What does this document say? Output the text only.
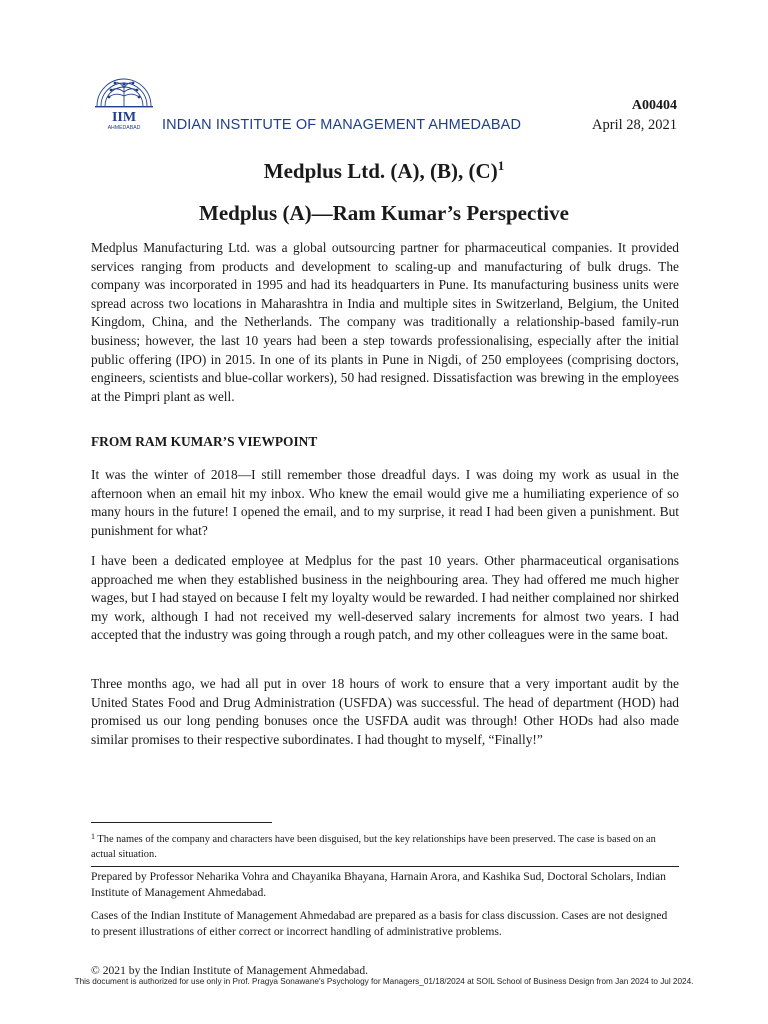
IIM
AHMEDABAD INDIAN INSTITUTE OF MANAGEMENT AHMEDABAD
A00404
April 28, 2021
Medplus Ltd. (A), (B), $(C)^1$
Medplus (A)—Ram Kumar’s Perspective

Medplus Manufacturing Ltd. was a global outsourcing partner for pharmaceutical companies. It provided services ranging from products and development to scaling-up and manufacturing of bulk drugs. The company was incorporated in 1995 and had its headquarters in Pune. Its manufacturing business units were spread across two locations in Maharashtra in India and multiple sites in Switzerland, Belgium, the United Kingdom, China, and the Netherlands. The company was traditionally a relationship-based family-run business; however, the last 10 years had been a step towards professionalising, especially after the initial public offering (IPO) in 2015. In one of its plants in Pune in Nigdi, of 250 employees (comprising doctors, engineers, scientists and blue-collar workers), 50 had resigned. Dissatisfaction was brewing in the employees at the Pimpri plant as well.

FROM RAM KUMAR’S VIEWPOINT

It was the winter of 2018—I still remember those dreadful days. I was doing my work as usual in the afternoon when an email hit my inbox. Who knew the email would give me a humiliating experience of so many hours in the future! I opened the email, and to my surprise, it read I had been given a punishment. But punishment for what?

I have been a dedicated employee at Medplus for the past 10 years. Other pharmaceutical organisations approached me when they established business in the neighbouring area. They had offered me much higher wages, but I had stayed on because I felt my loyalty would be rewarded. I had neither complained nor shirked my work, although I had not received my well-deserved salary increments for almost two years. I had accepted that the industry was going through a rough patch, and my other colleagues were in the same boat.

Three months ago, we had all put in over 18 hours of work to ensure that a very important audit by the United States Food and Drug Administration (USFDA) was successful. The head of department (HOD) had promised us our long pending bonuses once the USFDA audit was through! Other HODs had also made similar promises to their respective subordinates. I had thought to myself, “Finally!”

$^1$ The names of the company and characters have been disguised, but the key relationships have been preserved. The case is based on an actual situation.
Prepared by Professor Neharika Vohra and Chayanika Bhayana, Harnain Arora, and Kashika Sud, Doctoral Scholars, Indian Institute of Management Ahmedabad.
Cases of the Indian Institute of Management Ahmedabad are prepared as a basis for class discussion. Cases are not designed to present illustrations of either correct or incorrect handling of administrative problems.
© 2021 by the Indian Institute of Management Ahmedabad.
This document is authorized for use only in Prof. Pragya Sonawane's Psychology for Managers_01/18/2024 at SOIL School of Business Design from Jan 2024 to Jul 2024.
